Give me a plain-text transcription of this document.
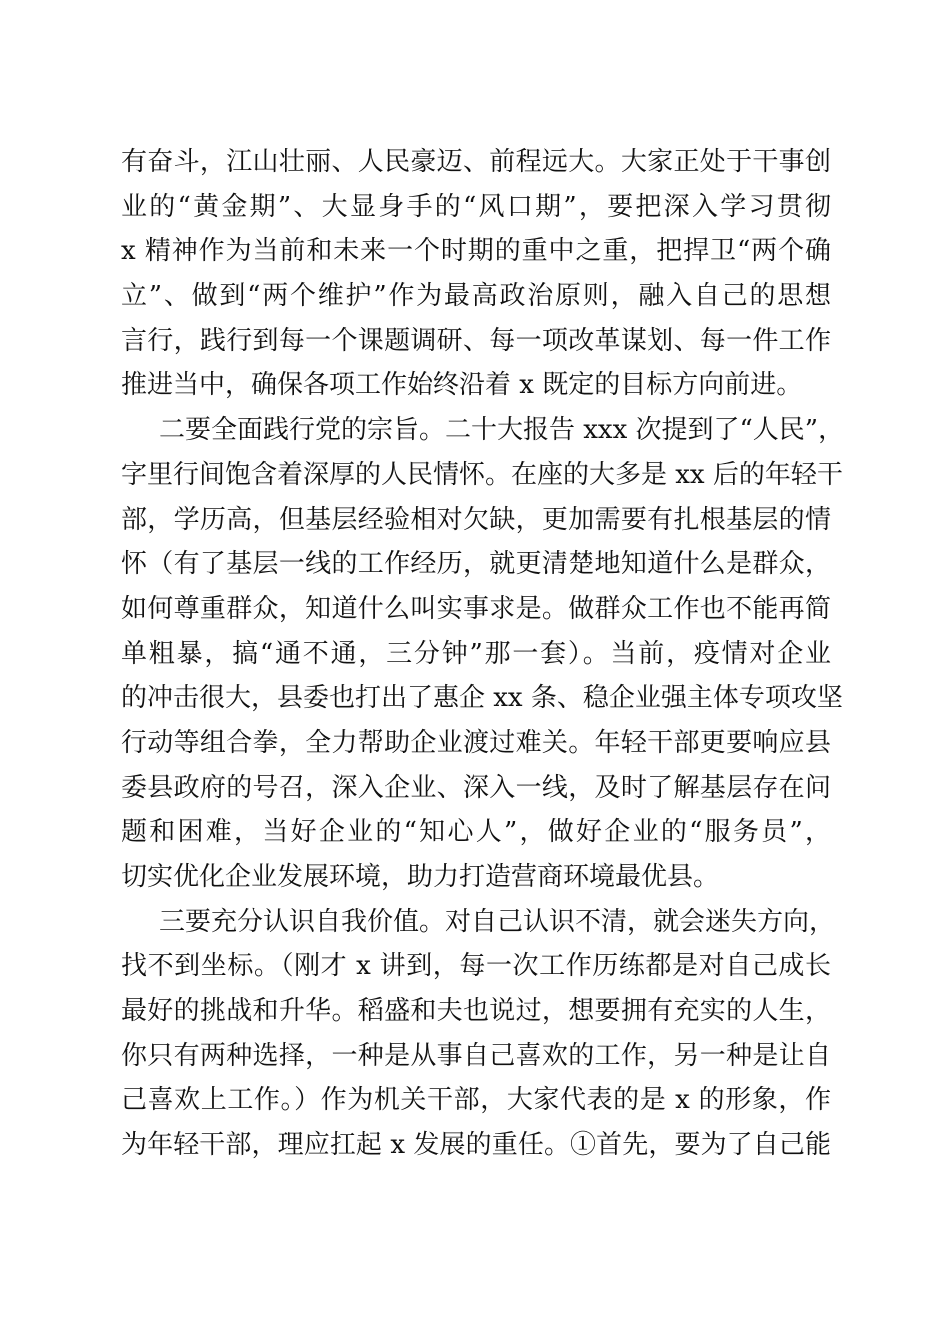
有奋斗，江山壮丽、人民豪迈、前程远大。大家正处于干事创
业的“黄金期”、大显身手的“风口期”，要把深入学习贯彻
x 精神作为当前和未来一个时期的重中之重，把捍卫“两个确
立”、做到“两个维护”作为最高政治原则，融入自己的思想
言行，践行到每一个课题调研、每一项改革谋划、每一件工作
推进当中，确保各项工作始终沿着 x 既定的目标方向前进。
二要全面践行党的宗旨。二十大报告 xxx 次提到了“人民”，
字里行间饱含着深厚的人民情怀。在座的大多是 xx 后的年轻干
部，学历高，但基层经验相对欠缺，更加需要有扎根基层的情
怀（有了基层一线的工作经历，就更清楚地知道什么是群众，
如何尊重群众，知道什么叫实事求是。做群众工作也不能再简
单粗暴，搞“通不通，三分钟”那一套）。当前，疫情对企业
的冲击很大，县委也打出了惠企 xx 条、稳企业强主体专项攻坚
行动等组合拳，全力帮助企业渡过难关。年轻干部更要响应县
委县政府的号召，深入企业、深入一线，及时了解基层存在问
题和困难，当好企业的“知心人”，做好企业的“服务员”，
切实优化企业发展环境，助力打造营商环境最优县。
三要充分认识自我价值。对自己认识不清，就会迷失方向，
找不到坐标。（刚才 x 讲到，每一次工作历练都是对自己成长
最好的挑战和升华。稻盛和夫也说过，想要拥有充实的人生，
你只有两种选择，一种是从事自己喜欢的工作，另一种是让自
己喜欢上工作。）作为机关干部，大家代表的是 x 的形象，作
为年轻干部，理应扛起 x 发展的重任。①首先，要为了自己能
